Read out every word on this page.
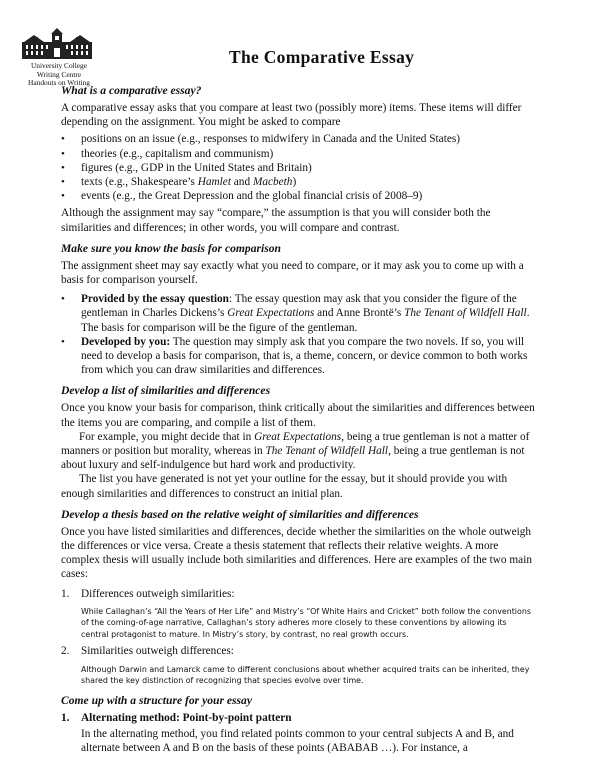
University College
Writing Centre
Handouts on Writing
The Comparative Essay
What is a comparative essay?

A comparative essay asks that you compare at least two (possibly more) items. These items will differ depending on the assignment. You might be asked to compare

• positions on an issue (e.g., responses to midwifery in Canada and the United States)
• theories (e.g., capitalism and communism)
• figures (e.g., GDP in the United States and Britain)
• texts (e.g., Shakespeare’s Hamlet and Macbeth)
• events (e.g., the Great Depression and the global financial crisis of 2008–9)

Although the assignment may say “compare,” the assumption is that you will consider both the similarities and differences; in other words, you will compare and contrast.

Make sure you know the basis for comparison

The assignment sheet may say exactly what you need to compare, or it may ask you to come up with a basis for comparison yourself.

• Provided by the essay question: The essay question may ask that you consider the figure of the gentleman in Charles Dickens’s Great Expectations and Anne Brontë’s The Tenant of Wildfell Hall. The basis for comparison will be the figure of the gentleman.
• Developed by you: The question may simply ask that you compare the two novels. If so, you will need to develop a basis for comparison, that is, a theme, concern, or device common to both works from which you can draw similarities and differences.
Develop a list of similarities and differences

Once you know your basis for comparison, think critically about the similarities and differences between the items you are comparing, and compile a list of them.

For example, you might decide that in Great Expectations, being a true gentleman is not a matter of manners or position but morality, whereas in The Tenant of Wildfell Hall, being a true gentleman is not about luxury and self-indulgence but hard work and productivity.

The list you have generated is not yet your outline for the essay, but it should provide you with enough similarities and differences to construct an initial plan.

Develop a thesis based on the relative weight of similarities and differences

Once you have listed similarities and differences, decide whether the similarities on the whole outweigh the differences or vice versa. Create a thesis statement that reflects their relative weights. A more complex thesis will usually include both similarities and differences. Here are examples of the two main cases:

1. Differences outweigh similarities:
While Callaghan’s “All the Years of Her Life” and Mistry’s “Of White Hairs and Cricket” both follow the conventions of the coming-of-age narrative, Callaghan’s story adheres more closely to these conventions by allowing its central protagonist to mature. In Mistry’s story, by contrast, no real growth occurs.
2. Similarities outweigh differences:
Although Darwin and Lamarck came to different conclusions about whether acquired traits can be inherited, they shared the key distinction of recognizing that species evolve over time.
Come up with a structure for your essay
1. Alternating method: Point-by-point pattern

In the alternating method, you find related points common to your central subjects A and B, and alternate between A and B on the basis of these points (ABABAB …). For instance, a
